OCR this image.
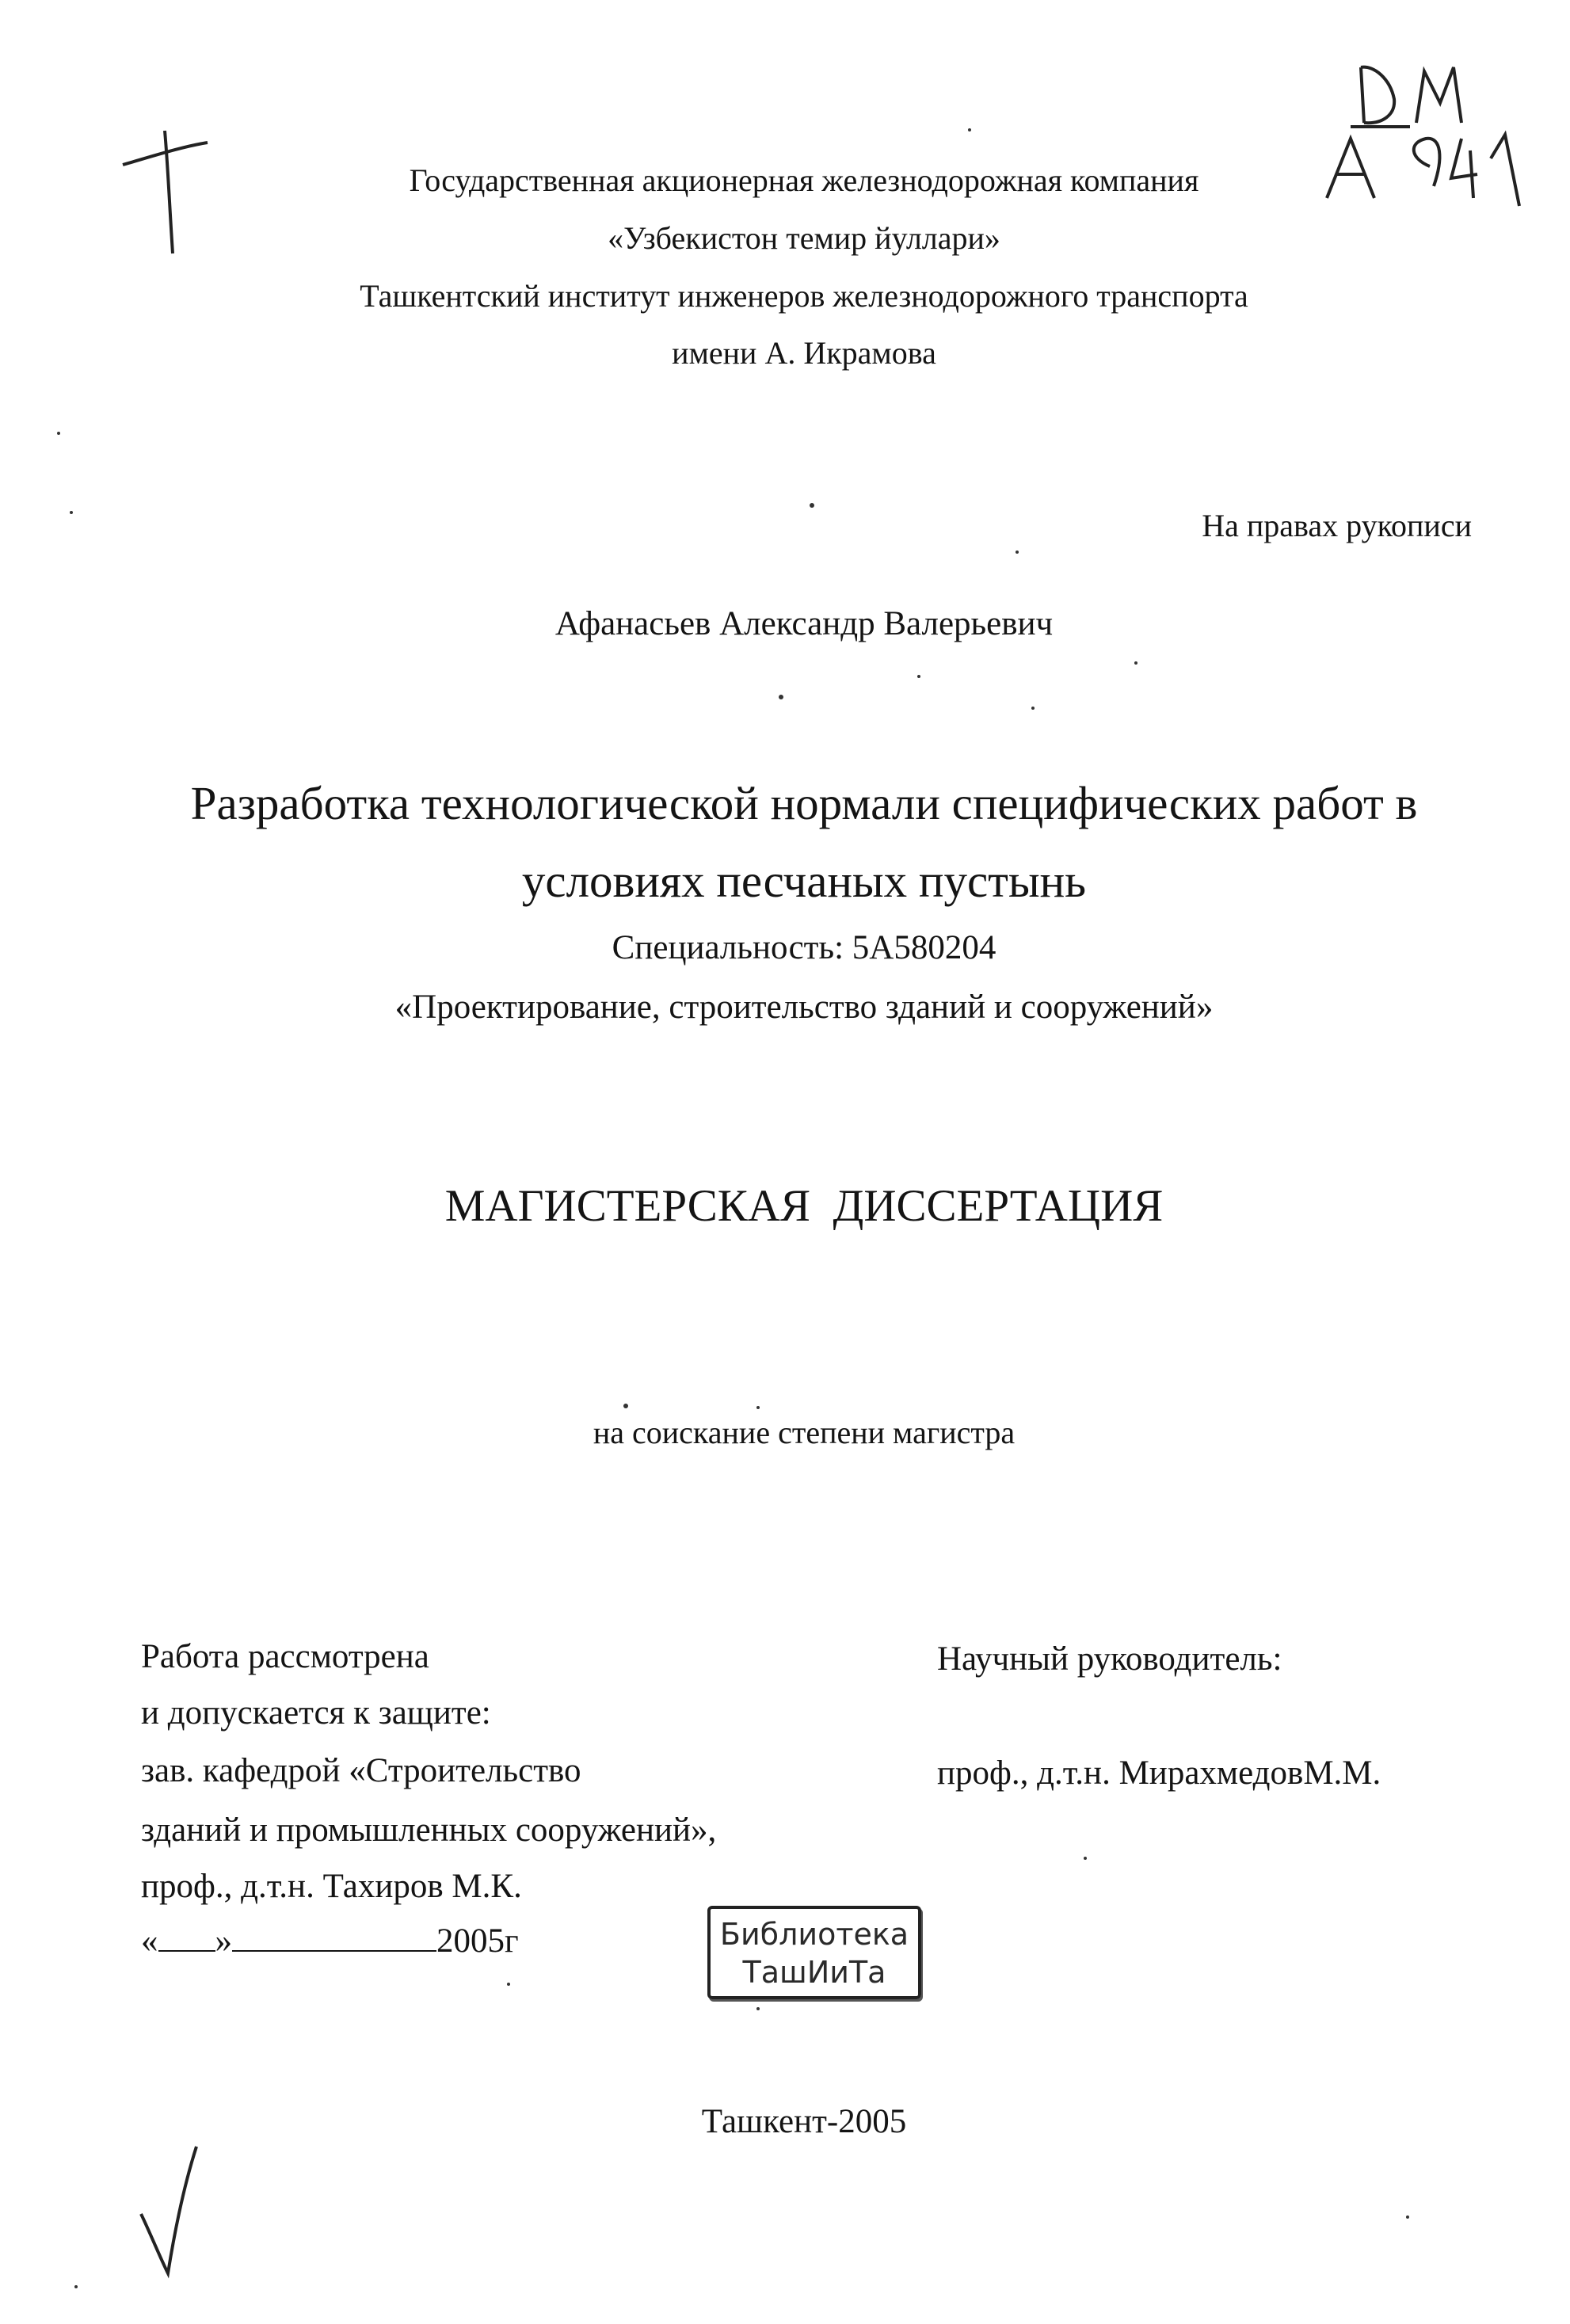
Государственная акционерная железнодорожная компания
«Узбекистон темир йуллари»
Ташкентский институт инженеров железнодорожного транспорта
имени А. Икрамова
На правах рукописи
Афанасьев Александр Валерьевич
Разработка технологической нормали специфических работ в
условиях песчаных пустынь
Специальность: 5А580204
«Проектирование, строительство зданий и сооружений»
МАГИСТЕРСКАЯ  ДИССЕРТАЦИЯ
на соискание степени магистра
Работа рассмотрена
и допускается к защите:
зав. кафедрой «Строительство
зданий и промышленных сооружений»,
проф., д.т.н. Тахиров М.К.
« »	2005г
Научный руководитель:
проф., д.т.н. МирахмедовМ.М.
Библиотека
ТашИиТа
Ташкент-2005
